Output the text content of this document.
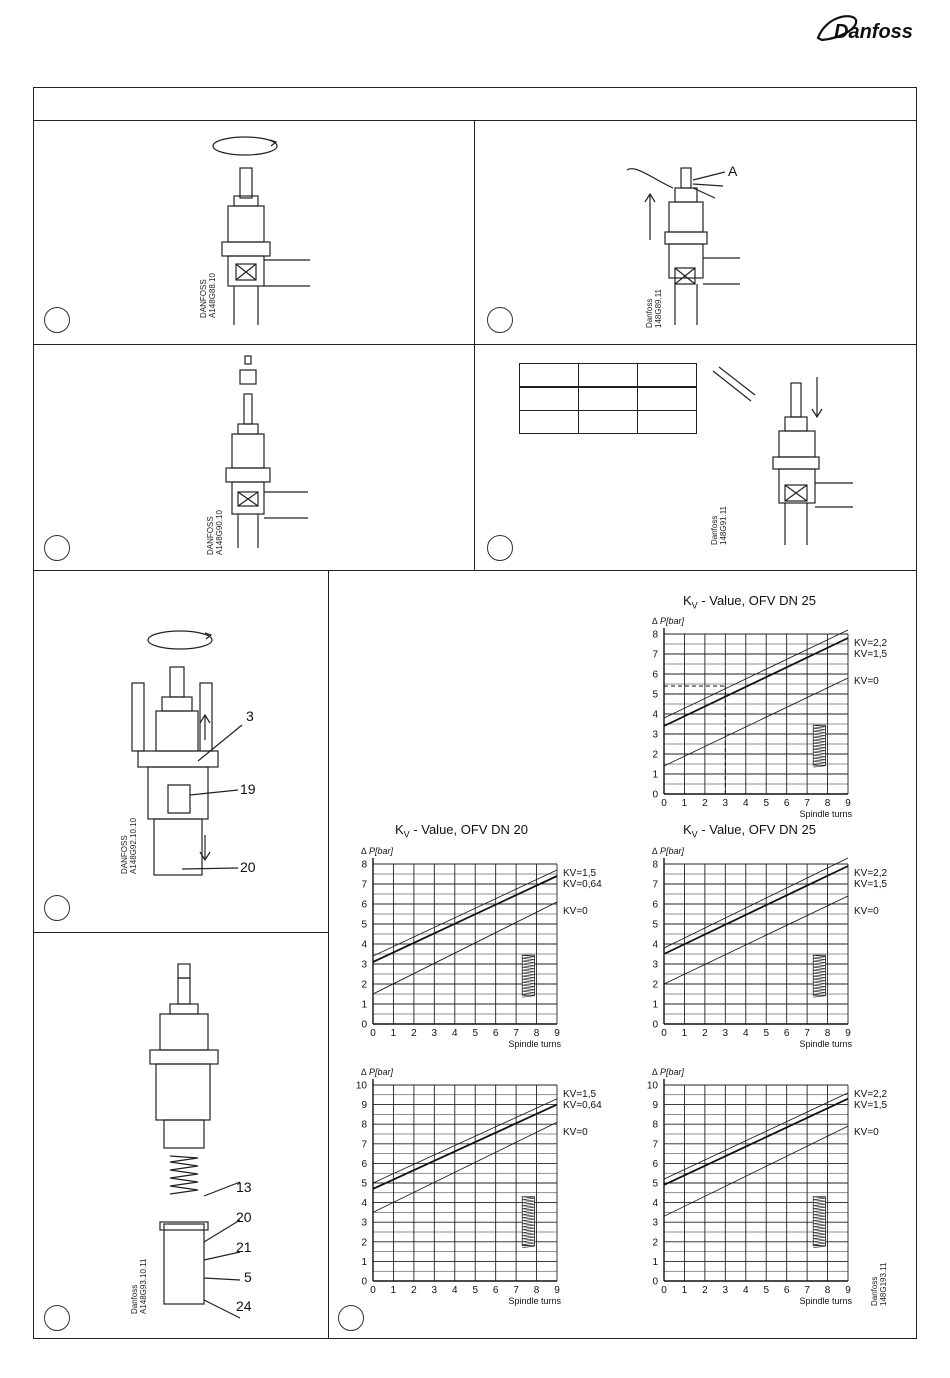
Danfoss
DANFOSS A148G88.10	Danfoss 148G89.11
DANFOSS A148G90.10	Danfoss 148G91.11
DANFOSS A148G92.10.10
Danfoss A148G93.10.11	Danfoss 148G193.11
A

3
19
20
13
20
21
5
24
$K_V$ - Value, OFV DN 25
$K_V$ - Value, OFV DN 20	$K_V$ - Value, OFV DN 25
0 1 2 3 4 5 6 7 8 9
0
1
2
3
4
5
6
7
8
∆ P[bar]
Spindle turns
KV=2,2
KV=1,5
KV=0
0 1 2 3 4 5 6 7 8 9
0
1
2
3
4
5
6
7
8
∆ P[bar]
Spindle turns
KV=1,5
KV=0,64
KV=0
0 1 2 3 4 5 6 7 8 9
0
1
2
3
4
5
6
7
8
∆ P[bar]
Spindle turns
KV=2,2
KV=1,5
KV=0
0 1 2 3 4 5 6 7 8 9
0
1
2
3
4
5
6
7
8
9
10
∆ P[bar]
Spindle turns
KV=1,5
KV=0,64
KV=0
0 1 2 3 4 5 6 7 8 9
0
1
2
3
4
5
6
7
8
9
10
∆ P[bar]
Spindle turns
KV=2,2
KV=1,5
KV=0
